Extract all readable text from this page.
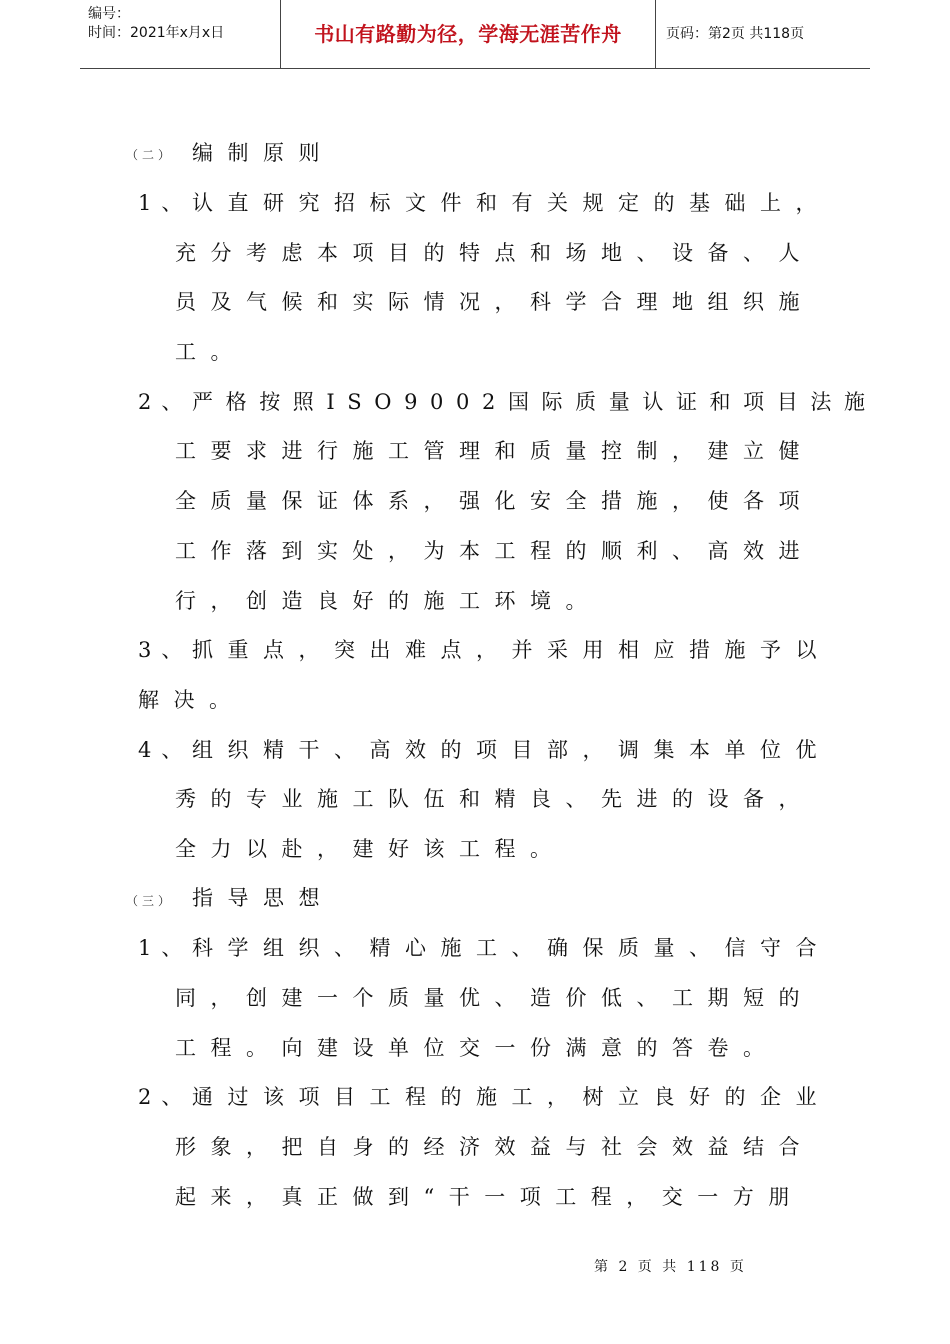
编号：
时间：2021年x月x日	书山有路勤为径，学海无涯苦作舟	页码：第2页 共118页
（二） 编制原则
1、 认直研究招标文件和有关规定的基础上，
充分考虑本项目的特点和场地、设备、人
员及气候和实际情况，科学合理地组织施
工。
2、 严格按照ISO9002国际质量认证和项目法施
工要求进行施工管理和质量控制，建立健
全质量保证体系，强化安全措施，使各项
工作落到实处，为本工程的顺利、高效进
行，创造良好的施工环境。
3、 抓重点，突出难点，并采用相应措施予以
解决。
4、 组织精干、高效的项目部，调集本单位优
秀的专业施工队伍和精良、先进的设备，
全力以赴，建好该工程。
（三） 指导思想
1、 科学组织、精心施工、确保质量、信守合
同，创建一个质量优、造价低、工期短的
工程。向建设单位交一份满意的答卷。
2、 通过该项目工程的施工，树立良好的企业
形象，把自身的经济效益与社会效益结合
起来，真正做到“干一项工程，交一方朋
第 2 页 共 118 页
